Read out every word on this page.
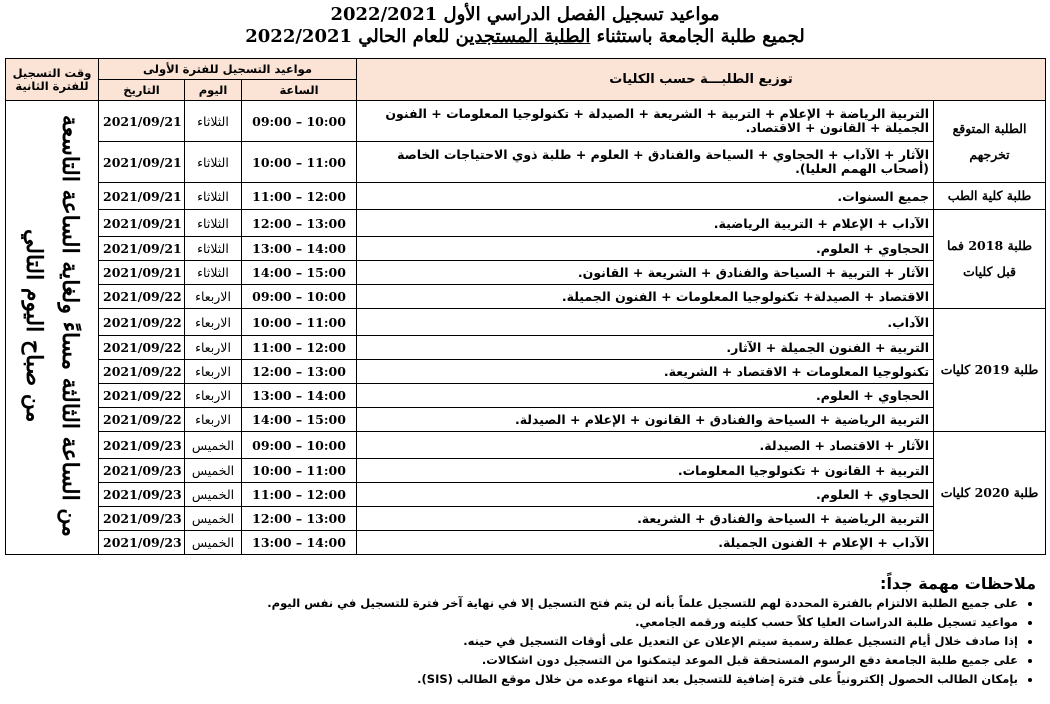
مواعيد تسجيل الفصل الدراسي الأول 2022/2021
لجميع طلبة الجامعة باستثناء الطلبة المستجدين للعام الحالي 2022/2021
وقت التسجيل للفترة الثانية	مواعيد التسجيل للفترة الأولى			توزيع الطلبـــة حسب الكليات	
	التاريخ	اليوم	الساعة		
من الساعة الثالثة مساءً ولغاية الساعة التاسعة من صباح اليوم التالي	2021/09/21	الثلاثاء	09:00 – 10:00	التربية الرياضة + الإعلام + التربية + الشريعة + الصيدلة + تكنولوجيا المعلومات + الفنون الجميلة + القانون + الاقتصاد.	الطلبة المتوقع تخرجهم
	2021/09/21	الثلاثاء	10:00 – 11:00	الآثار + الآداب + الحجاوي + السياحة والفنادق + العلوم + طلبة ذوي الاحتياجات الخاصة (أصحاب الهمم العليا).	
	2021/09/21	الثلاثاء	11:00 – 12:00	جميع السنوات.	طلبة كلية الطب
	2021/09/21	الثلاثاء	12:00 – 13:00	الآداب + الإعلام + التربية الرياضية.	طلبة 2018 فما قبل كليات
	2021/09/21	الثلاثاء	13:00 – 14:00	الحجاوي + العلوم.	
	2021/09/21	الثلاثاء	14:00 – 15:00	الآثار + التربية + السياحة والفنادق + الشريعة + القانون.	
	2021/09/22	الاربعاء	09:00 – 10:00	الاقتصاد + الصيدلة+ تكنولوجيا المعلومات + الفنون الجميلة.	
	2021/09/22	الاربعاء	10:00 – 11:00	الآداب.	طلبة 2019 كليات
	2021/09/22	الاربعاء	11:00 – 12:00	التربية + الفنون الجميلة + الآثار.	
	2021/09/22	الاربعاء	12:00 – 13:00	تكنولوجيا المعلومات + الاقتصاد + الشريعة.	
	2021/09/22	الاربعاء	13:00 – 14:00	الحجاوي + العلوم.	
	2021/09/22	الاربعاء	14:00 – 15:00	التربية الرياضية + السياحة والفنادق + القانون + الإعلام + الصيدلة.	
	2021/09/23	الخميس	09:00 – 10:00	الآثار + الاقتصاد + الصيدلة.	طلبة 2020 كليات
	2021/09/23	الخميس	10:00 – 11:00	التربية + القانون + تكنولوجيا المعلومات.	
	2021/09/23	الخميس	11:00 – 12:00	الحجاوي + العلوم.	
	2021/09/23	الخميس	12:00 – 13:00	التربية الرياضية + السياحة والفنادق + الشريعة.	
	2021/09/23	الخميس	13:00 – 14:00	الآداب + الإعلام + الفنون الجميلة.	
ملاحظات مهمة جداً:
• على جميع الطلبة الالتزام بالفترة المحددة لهم للتسجيل علماً بأنه لن يتم فتح التسجيل إلا في نهاية آخر فترة للتسجيل في نفس اليوم.
• مواعيد تسجيل طلبة الدراسات العليا كلاً حسب كليته ورقمه الجامعي.
• إذا صادف خلال أيام التسجيل عطلة رسمية سيتم الإعلان عن التعديل على أوقات التسجيل في حينه.
• على جميع طلبة الجامعة دفع الرسوم المستحقة قبل الموعد ليتمكنوا من التسجيل دون اشكالات.
• بإمكان الطالب الحصول إلكترونياً على فترة إضافية للتسجيل بعد انتهاء موعده من خلال موقع الطالب (SIS).
